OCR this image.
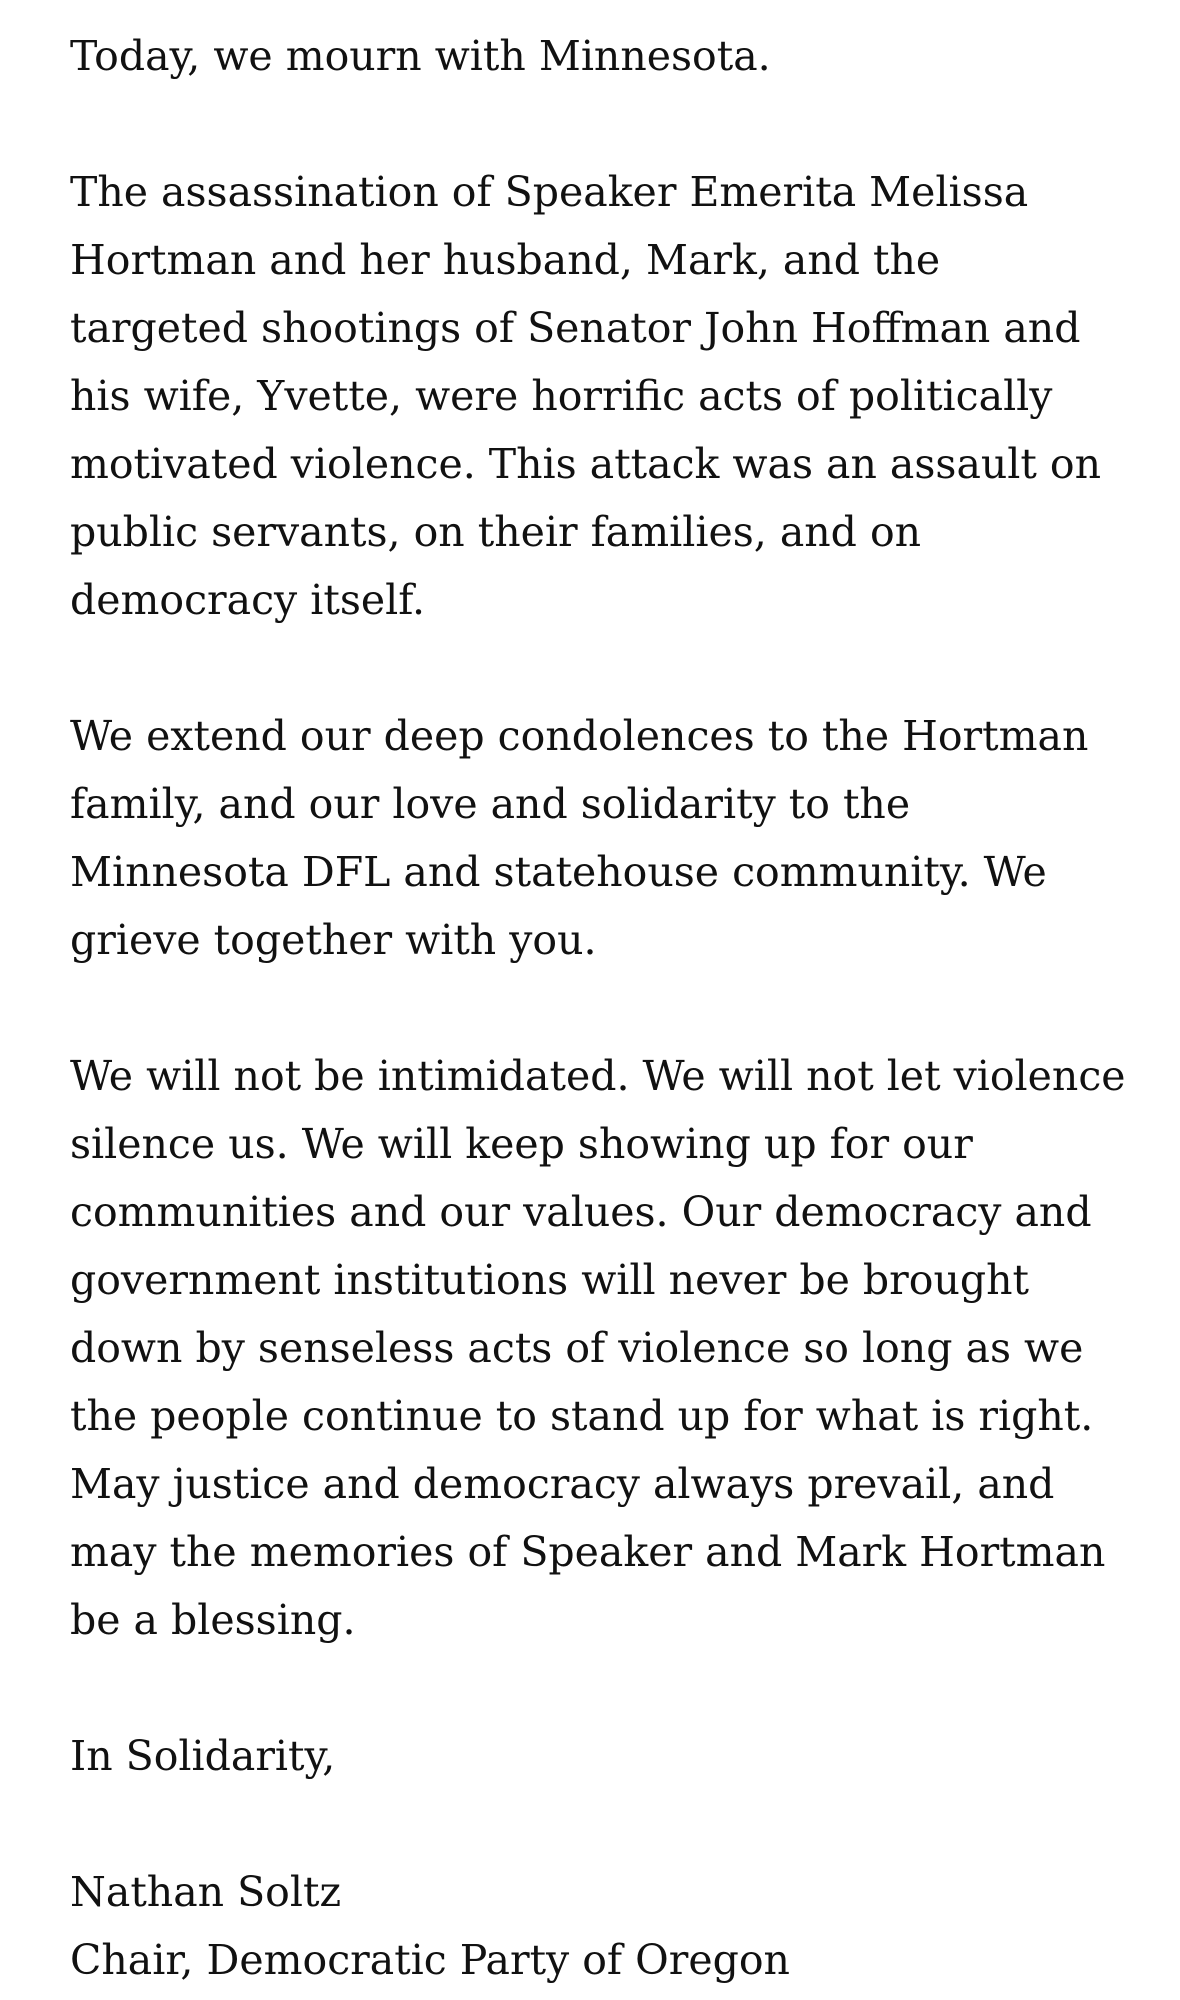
Today, we mourn with Minnesota.

The assassination of Speaker Emerita Melissa Hortman and her husband, Mark, and the targeted shootings of Senator John Hoffman and his wife, Yvette, were horrific acts of politically motivated violence. This attack was an assault on public servants, on their families, and on democracy itself.

We extend our deep condolences to the Hortman family, and our love and solidarity to the Minnesota DFL and statehouse community. We grieve together with you.

We will not be intimidated. We will not let violence silence us. We will keep showing up for our communities and our values. Our democracy and government institutions will never be brought down by senseless acts of violence so long as we the people continue to stand up for what is right. May justice and democracy always prevail, and may the memories of Speaker and Mark Hortman be a blessing.

In Solidarity,

Nathan Soltz
Chair, Democratic Party of Oregon
